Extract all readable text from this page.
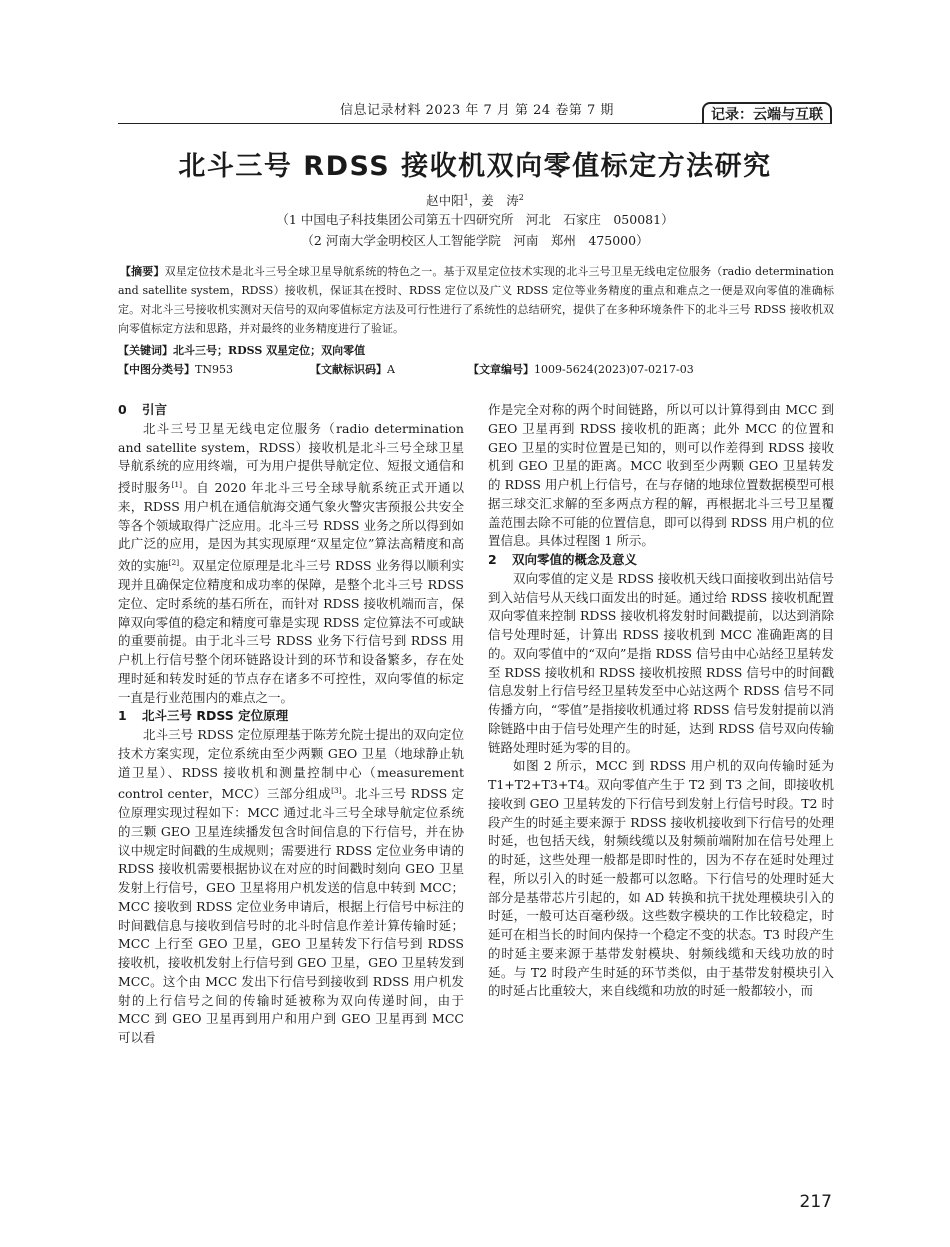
信息记录材料 2023 年 7 月 第 24 卷第 7 期	记录：云端与互联
北斗三号 RDSS 接收机双向零值标定方法研究
赵中阳$^1$，姜　涛$^2$
（1 中国电子科技集团公司第五十四研究所　河北　石家庄　050081）
（2 河南大学金明校区人工智能学院　河南　郑州　475000）

【摘要】双星定位技术是北斗三号全球卫星导航系统的特色之一。基于双星定位技术实现的北斗三号卫星无线电定位服务（radio determination and satellite system，RDSS）接收机，保证其在授时、RDSS 定位以及广义 RDSS 定位等业务精度的重点和难点之一便是双向零值的准确标定。对北斗三号接收机实测对天信号的双向零值标定方法及可行性进行了系统性的总结研究，提供了在多种环境条件下的北斗三号 RDSS 接收机双向零值标定方法和思路，并对最终的业务精度进行了验证。

【关键词】北斗三号；RDSS 双星定位；双向零值
【中图分类号】TN953	【文献标识码】A	【文章编号】1009-5624(2023)07-0217-03
0 引言

北斗三号卫星无线电定位服务（radio determination and satellite system，RDSS）接收机是北斗三号全球卫星导航系统的应用终端，可为用户提供导航定位、短报文通信和授时服务[1]。自 2020 年北斗三号全球导航系统正式开通以来，RDSS 用户机在通信航海交通气象火警灾害预报公共安全等各个领域取得广泛应用。北斗三号 RDSS 业务之所以得到如此广泛的应用，是因为其实现原理“双星定位”算法高精度和高效的实施[2]。双星定位原理是北斗三号 RDSS 业务得以顺利实现并且确保定位精度和成功率的保障，是整个北斗三号 RDSS 定位、定时系统的基石所在，而针对 RDSS 接收机端而言，保障双向零值的稳定和精度可靠是实现 RDSS 定位算法不可或缺的重要前提。由于北斗三号 RDSS 业务下行信号到 RDSS 用户机上行信号整个闭环链路设计到的环节和设备繁多，存在处理时延和转发时延的节点存在诸多不可控性，双向零值的标定一直是行业范围内的难点之一。

1 北斗三号 RDSS 定位原理

北斗三号 RDSS 定位原理基于陈芳允院士提出的双向定位技术方案实现，定位系统由至少两颗 GEO 卫星（地球静止轨道卫星）、RDSS 接收机和测量控制中心（measurement control center，MCC）三部分组成[3]。北斗三号 RDSS 定位原理实现过程如下：MCC 通过北斗三号全球导航定位系统的三颗 GEO 卫星连续播发包含时间信息的下行信号，并在协议中规定时间戳的生成规则；需要进行 RDSS 定位业务申请的 RDSS 接收机需要根据协议在对应的时间戳时刻向 GEO 卫星发射上行信号，GEO 卫星将用户机发送的信息中转到 MCC；MCC 接收到 RDSS 定位业务申请后，根据上行信号中标注的时间戳信息与接收到信号时的北斗时信息作差计算传输时延；MCC 上行至 GEO 卫星，GEO 卫星转发下行信号到 RDSS 接收机，接收机发射上行信号到 GEO 卫星，GEO 卫星转发到 MCC。这个由 MCC 发出下行信号到接收到 RDSS 用户机发射的上行信号之间的传输时延被称为双向传递时间，由于 MCC 到 GEO 卫星再到用户和用户到 GEO 卫星再到 MCC 可以看

作是完全对称的两个时间链路，所以可以计算得到由 MCC 到 GEO 卫星再到 RDSS 接收机的距离；此外 MCC 的位置和 GEO 卫星的实时位置是已知的，则可以作差得到 RDSS 接收机到 GEO 卫星的距离。MCC 收到至少两颗 GEO 卫星转发的 RDSS 用户机上行信号，在与存储的地球位置数据模型可根据三球交汇求解的至多两点方程的解，再根据北斗三号卫星覆盖范围去除不可能的位置信息，即可以得到 RDSS 用户机的位置信息。具体过程图 1 所示。

2 双向零值的概念及意义

双向零值的定义是 RDSS 接收机天线口面接收到出站信号到入站信号从天线口面发出的时延。通过给 RDSS 接收机配置双向零值来控制 RDSS 接收机将发射时间戳提前，以达到消除信号处理时延，计算出 RDSS 接收机到 MCC 准确距离的目的。双向零值中的“双向”是指 RDSS 信号由中心站经卫星转发至 RDSS 接收机和 RDSS 接收机按照 RDSS 信号中的时间戳信息发射上行信号经卫星转发至中心站这两个 RDSS 信号不同传播方向，“零值”是指接收机通过将 RDSS 信号发射提前以消除链路中由于信号处理产生的时延，达到 RDSS 信号双向传输链路处理时延为零的目的。

如图 2 所示，MCC 到 RDSS 用户机的双向传输时延为 T1+T2+T3+T4。双向零值产生于 T2 到 T3 之间，即接收机接收到 GEO 卫星转发的下行信号到发射上行信号时段。T2 时段产生的时延主要来源于 RDSS 接收机接收到下行信号的处理时延，也包括天线，射频线缆以及射频前端附加在信号处理上的时延，这些处理一般都是即时性的，因为不存在延时处理过程，所以引入的时延一般都可以忽略。下行信号的处理时延大部分是基带芯片引起的，如 AD 转换和抗干扰处理模块引入的时延，一般可达百毫秒级。这些数字模块的工作比较稳定，时延可在相当长的时间内保持一个稳定不变的状态。T3 时段产生的时延主要来源于基带发射模块、射频线缆和天线功放的时延。与 T2 时段产生时延的环节类似，由于基带发射模块引入的时延占比重较大，来自线缆和功放的时延一般都较小，而

217
